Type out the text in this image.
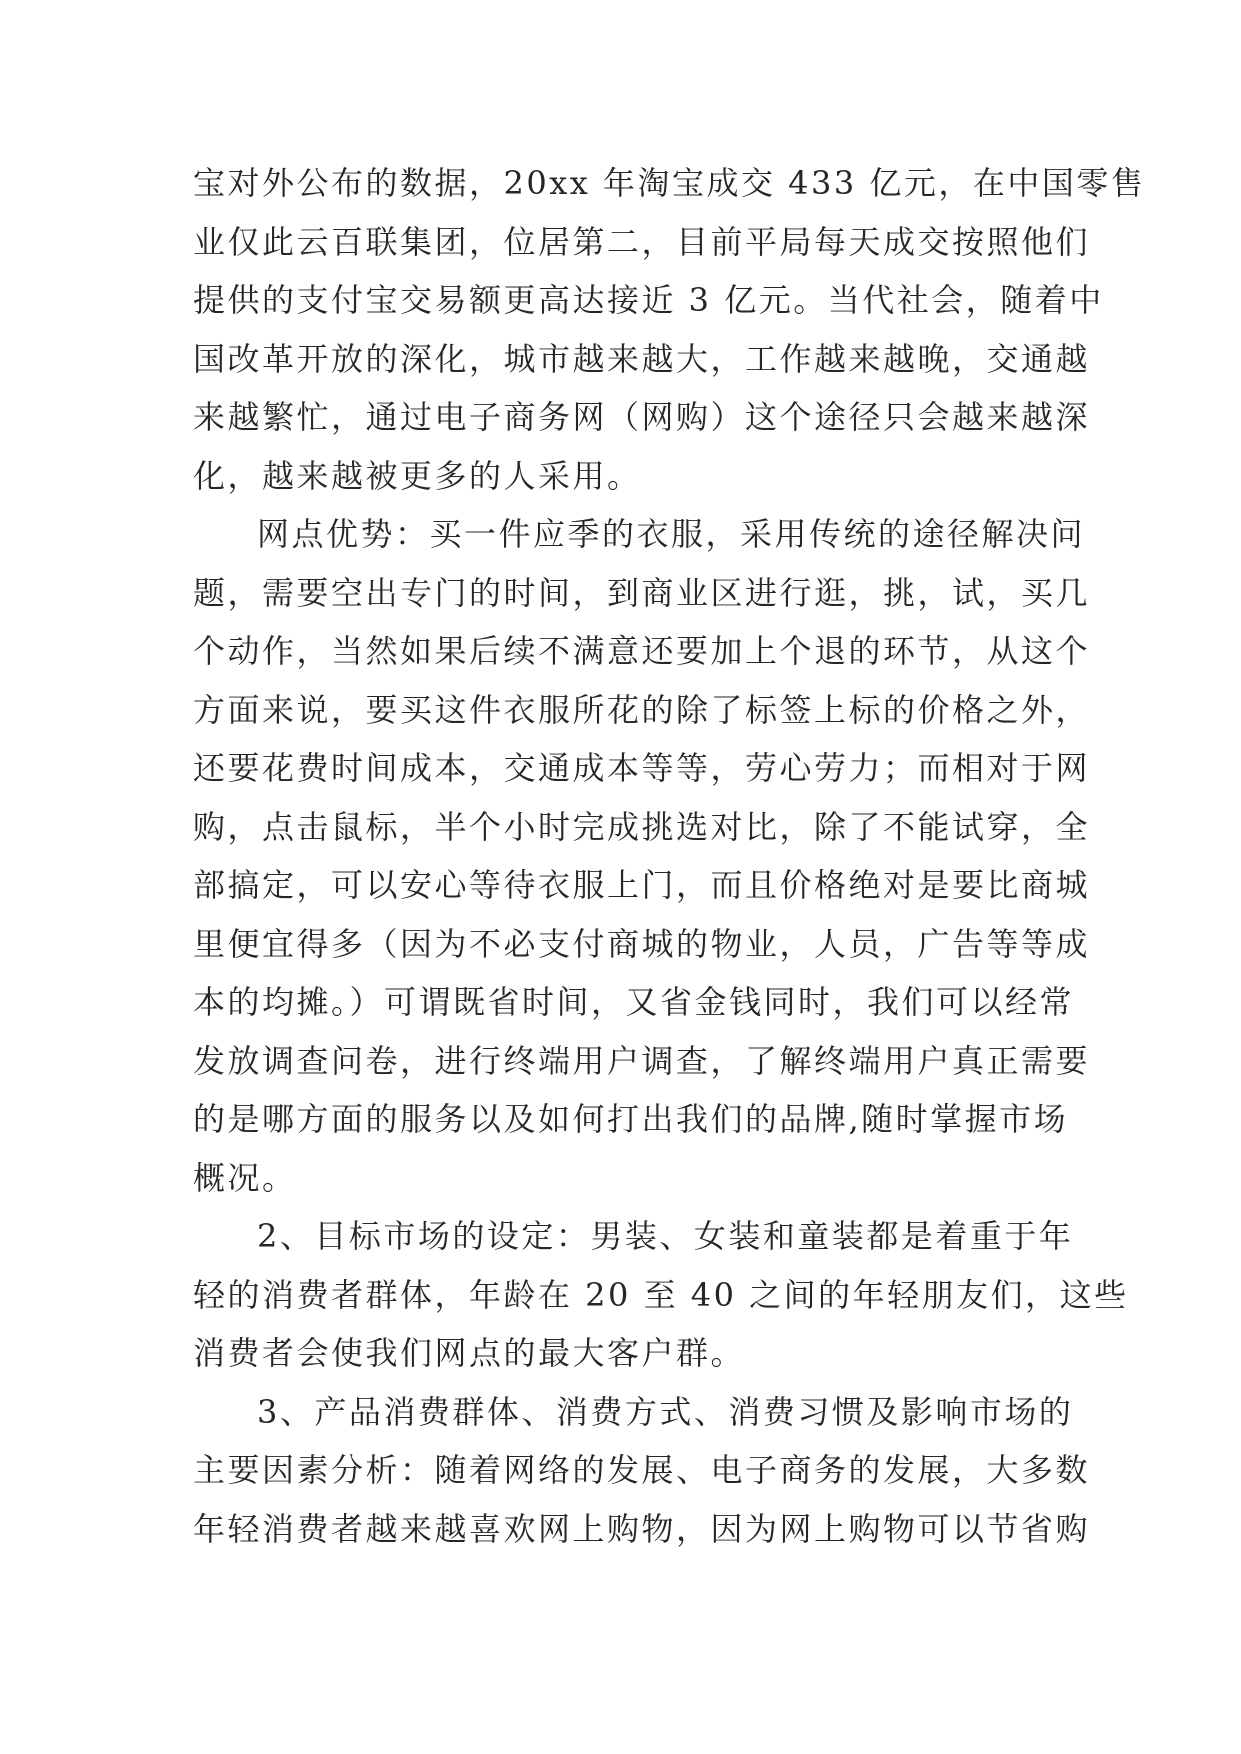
宝对外公布的数据，20xx 年淘宝成交 433 亿元，在中国零售
业仅此云百联集团，位居第二，目前平局每天成交按照他们
提供的支付宝交易额更高达接近 3 亿元。当代社会，随着中
国改革开放的深化，城市越来越大，工作越来越晚，交通越
来越繁忙，通过电子商务网（网购）这个途径只会越来越深
化，越来越被更多的人采用。
网点优势：买一件应季的衣服，采用传统的途径解决问
题，需要空出专门的时间，到商业区进行逛，挑，试，买几
个动作，当然如果后续不满意还要加上个退的环节，从这个
方面来说，要买这件衣服所花的除了标签上标的价格之外，
还要花费时间成本，交通成本等等，劳心劳力；而相对于网
购，点击鼠标，半个小时完成挑选对比，除了不能试穿，全
部搞定，可以安心等待衣服上门，而且价格绝对是要比商城
里便宜得多（因为不必支付商城的物业，人员，广告等等成
本的均摊。）可谓既省时间，又省金钱同时，我们可以经常
发放调查问卷，进行终端用户调查，了解终端用户真正需要
的是哪方面的服务以及如何打出我们的品牌,随时掌握市场
概况。
2、目标市场的设定：男装、女装和童装都是着重于年
轻的消费者群体，年龄在 20 至 40 之间的年轻朋友们，这些
消费者会使我们网点的最大客户群。
3、产品消费群体、消费方式、消费习惯及影响市场的
主要因素分析：随着网络的发展、电子商务的发展，大多数
年轻消费者越来越喜欢网上购物，因为网上购物可以节省购
